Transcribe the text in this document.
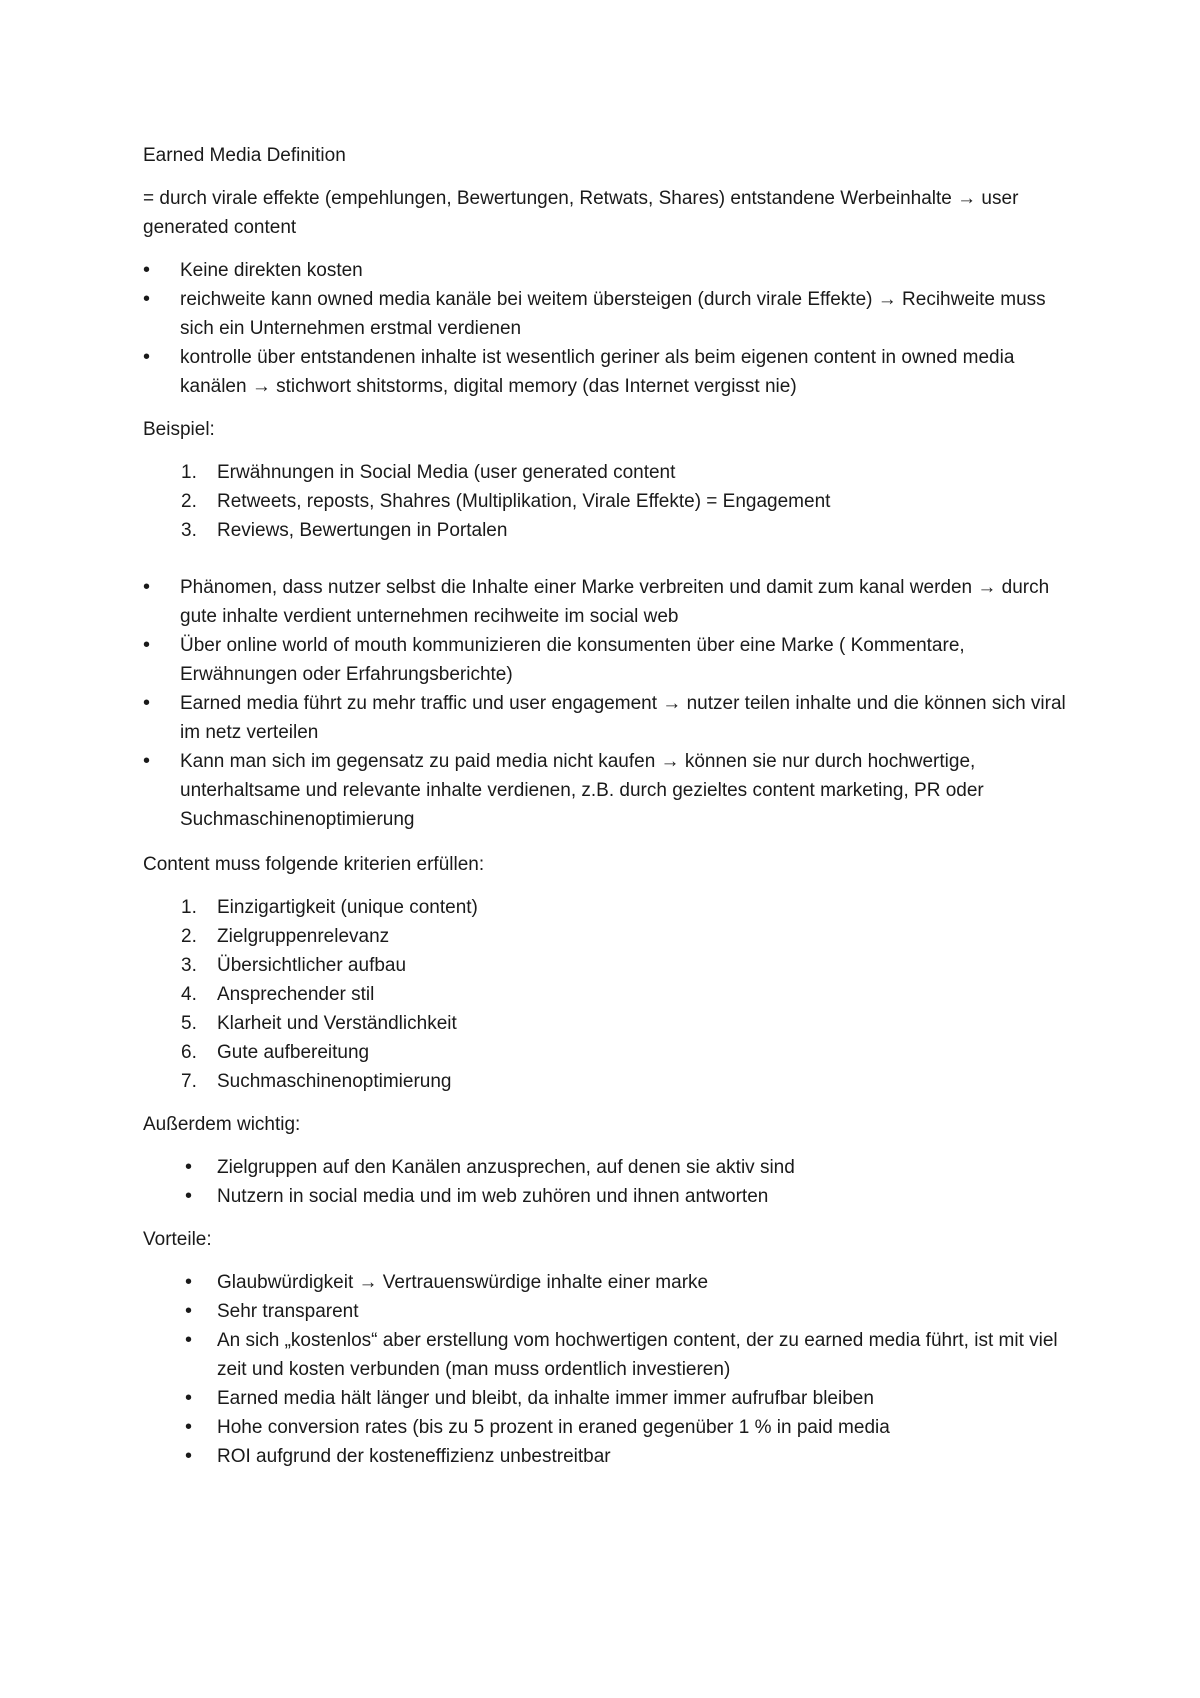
Earned Media Definition

= durch virale effekte (empehlungen, Bewertungen, Retwats, Shares) entstandene Werbeinhalte → user generated content

• Keine direkten kosten
• reichweite kann owned media kanäle bei weitem übersteigen (durch virale Effekte) → Recihweite muss sich ein Unternehmen erstmal verdienen
• kontrolle über entstandenen inhalte ist wesentlich geriner als beim eigenen content in owned media kanälen → stichwort shitstorms, digital memory (das Internet vergisst nie)

Beispiel:

1. Erwähnungen in Social Media (user generated content
2. Retweets, reposts, Shahres (Multiplikation, Virale Effekte) = Engagement
3. Reviews, Bewertungen in Portalen
• Phänomen, dass nutzer selbst die Inhalte einer Marke verbreiten und damit zum kanal werden → durch gute inhalte verdient unternehmen recihweite im social web
• Über online world of mouth kommunizieren die konsumenten über eine Marke ( Kommentare, Erwähnungen oder Erfahrungsberichte)
• Earned media führt zu mehr traffic und user engagement → nutzer teilen inhalte und die können sich viral im netz verteilen
• Kann man sich im gegensatz zu paid media nicht kaufen → können sie nur durch hochwertige, unterhaltsame und relevante inhalte verdienen, z.B. durch gezieltes content marketing, PR oder Suchmaschinenoptimierung

Content muss folgende kriterien erfüllen:

1. Einzigartigkeit (unique content)
2. Zielgruppenrelevanz
3. Übersichtlicher aufbau
4. Ansprechender stil
5. Klarheit und Verständlichkeit
6. Gute aufbereitung
7. Suchmaschinenoptimierung

Außerdem wichtig:

• Zielgruppen auf den Kanälen anzusprechen, auf denen sie aktiv sind
• Nutzern in social media und im web zuhören und ihnen antworten

Vorteile:

• Glaubwürdigkeit → Vertrauenswürdige inhalte einer marke
• Sehr transparent
• An sich „kostenlos“ aber erstellung vom hochwertigen content, der zu earned media führt, ist mit viel zeit und kosten verbunden (man muss ordentlich investieren)
• Earned media hält länger und bleibt, da inhalte immer immer aufrufbar bleiben
• Hohe conversion rates (bis zu 5 prozent in eraned gegenüber 1 % in paid media
• ROI aufgrund der kosteneffizienz unbestreitbar
